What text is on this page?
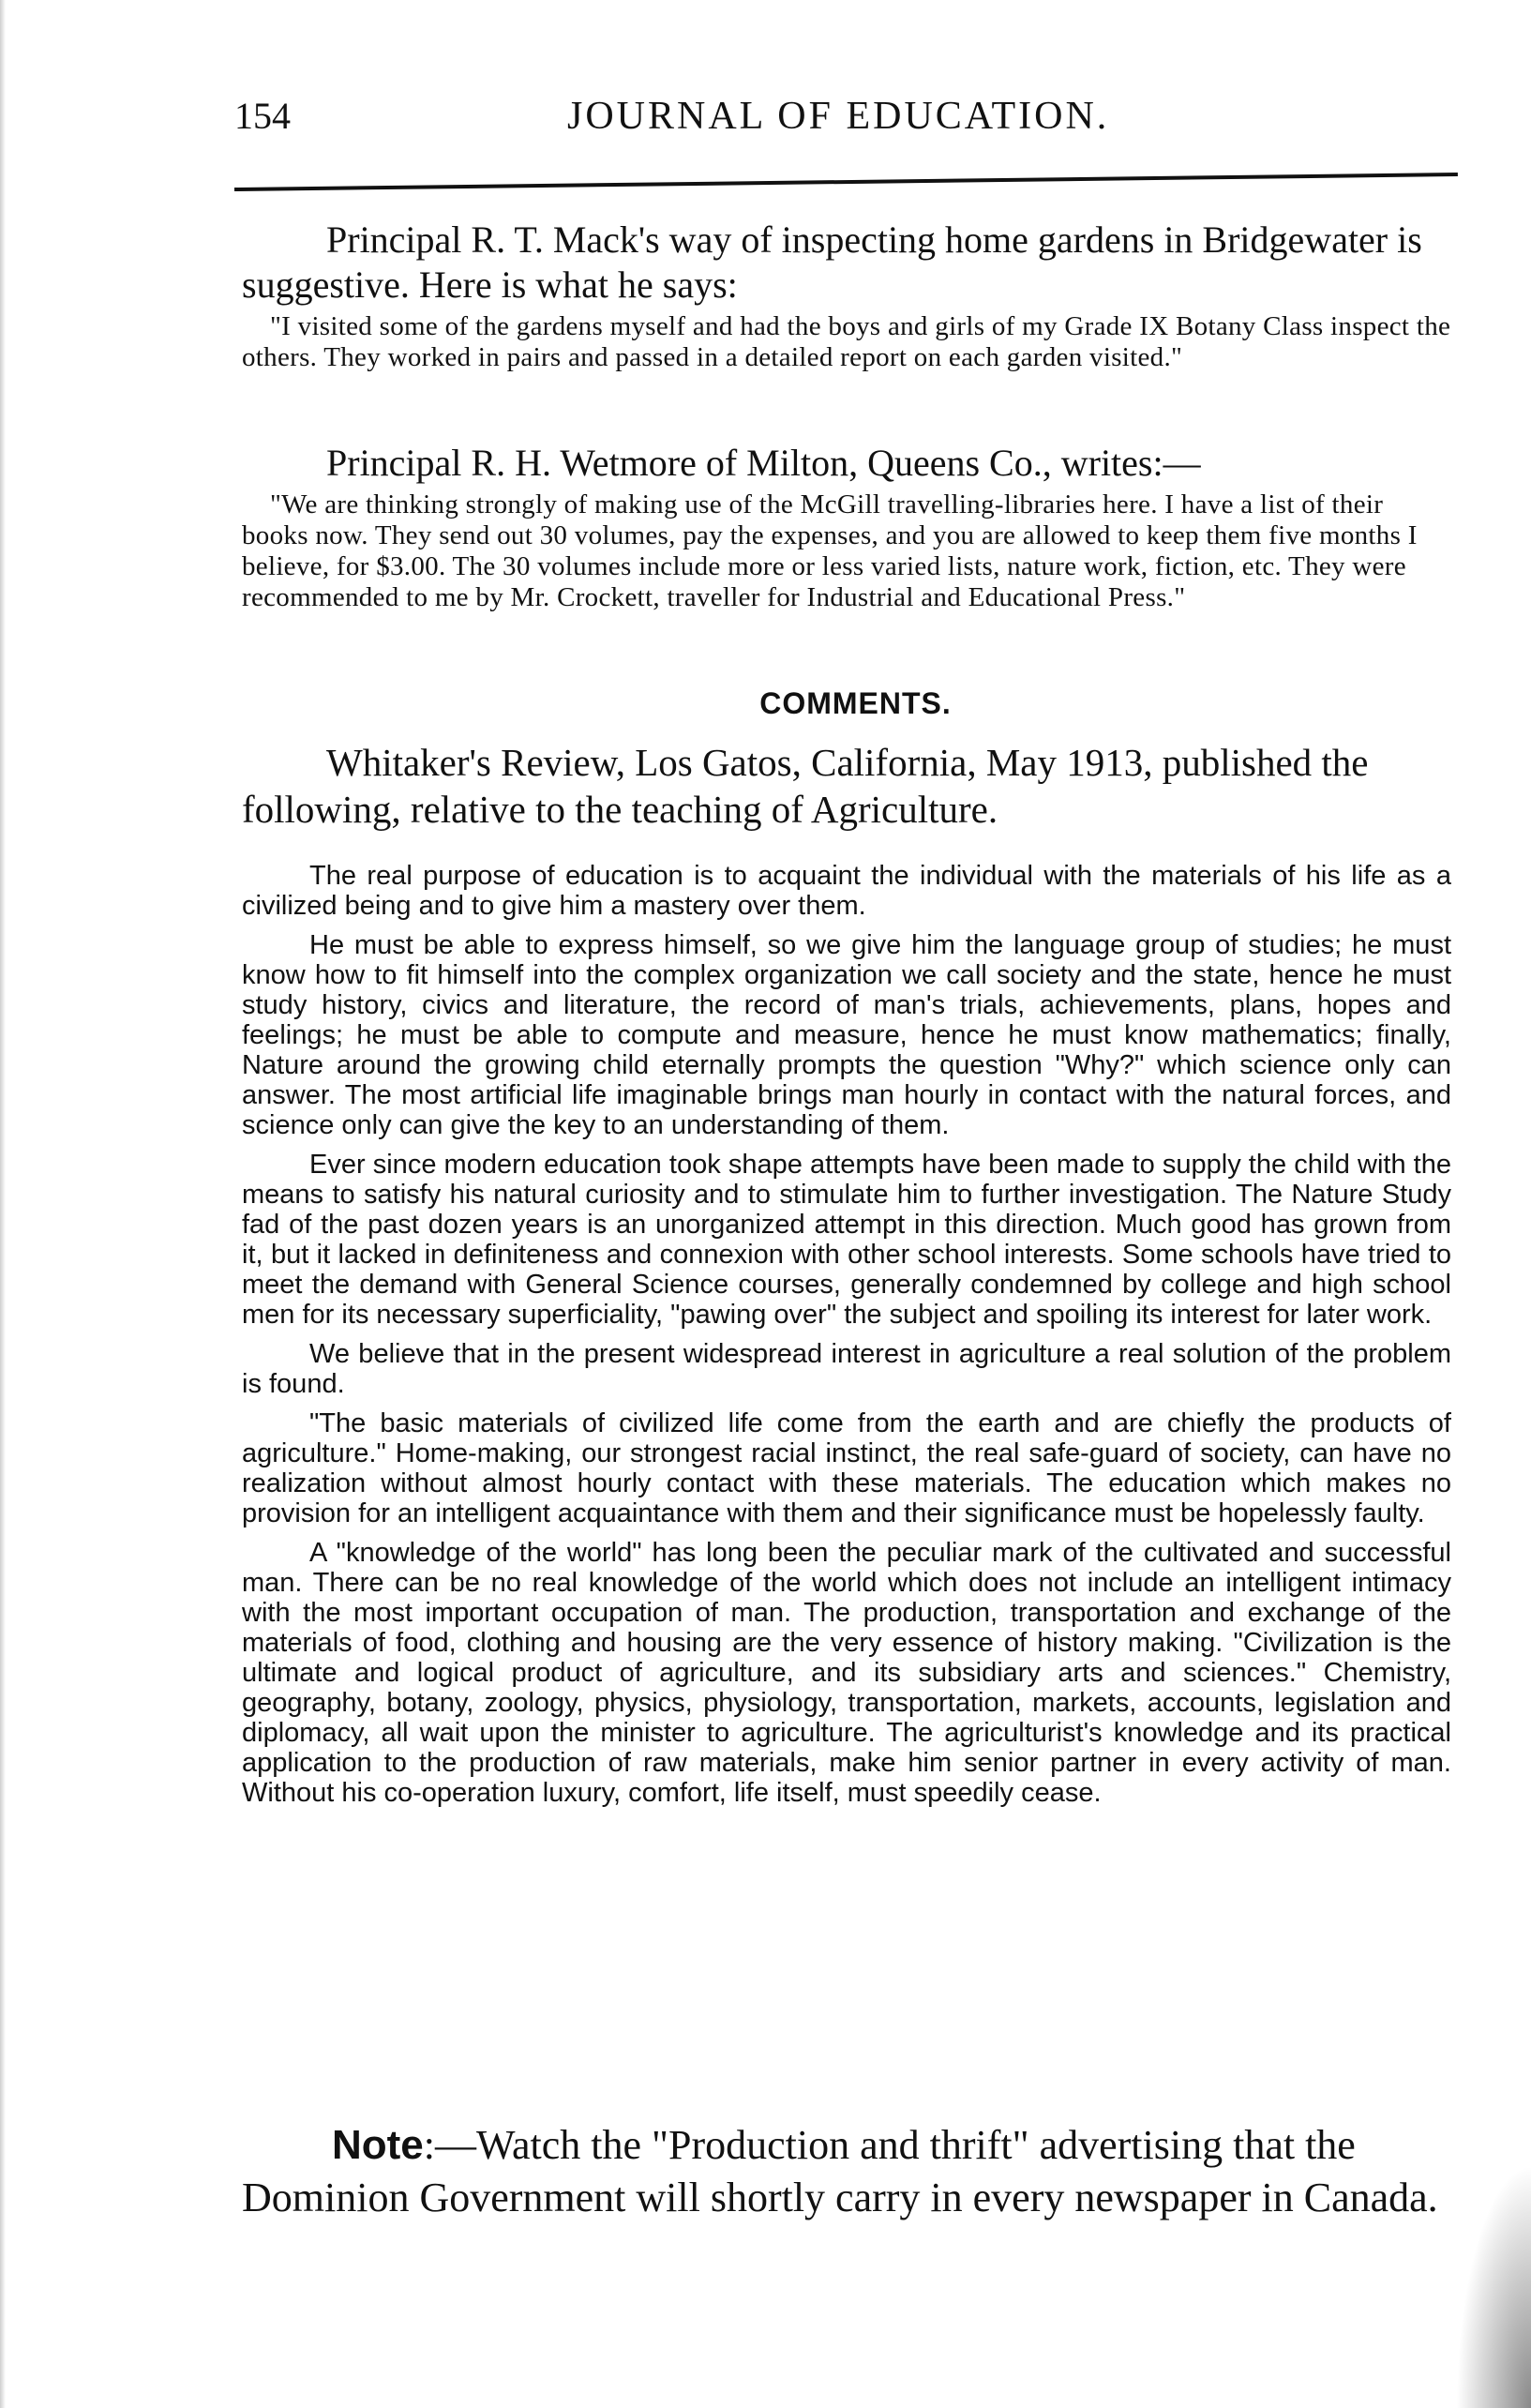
154	JOURNAL OF EDUCATION.

Principal R. T. Mack's way of inspecting home gardens in Bridgewater is suggestive. Here is what he says:

"I visited some of the gardens myself and had the boys and girls of my Grade IX Botany Class inspect the others. They worked in pairs and passed in a detailed report on each garden visited."

Principal R. H. Wetmore of Milton, Queens Co., writes:—

"We are thinking strongly of making use of the McGill travelling-libraries here. I have a list of their books now. They send out 30 volumes, pay the expenses, and you are allowed to keep them five months I believe, for $3.00. The 30 volumes include more or less varied lists, nature work, fiction, etc. They were recommended to me by Mr. Crockett, traveller for Industrial and Educational Press."

COMMENTS.

Whitaker's Review, Los Gatos, California, May 1913, published the following, relative to the teaching of Agriculture.

The real purpose of education is to acquaint the individual with the materials of his life as a civilized being and to give him a mastery over them.

He must be able to express himself, so we give him the language group of studies; he must know how to fit himself into the complex organization we call society and the state, hence he must study history, civics and literature, the record of man's trials, achievements, plans, hopes and feelings; he must be able to compute and measure, hence he must know mathematics; finally, Nature around the growing child eternally prompts the question "Why?" which science only can answer. The most artificial life imaginable brings man hourly in contact with the natural forces, and science only can give the key to an understanding of them.

Ever since modern education took shape attempts have been made to supply the child with the means to satisfy his natural curiosity and to stimulate him to further investigation. The Nature Study fad of the past dozen years is an unorganized attempt in this direction. Much good has grown from it, but it lacked in definiteness and connexion with other school interests. Some schools have tried to meet the demand with General Science courses, generally condemned by college and high school men for its necessary superficiality, "pawing over" the subject and spoiling its interest for later work.

We believe that in the present widespread interest in agriculture a real solution of the problem is found.

"The basic materials of civilized life come from the earth and are chiefly the products of agriculture." Home-making, our strongest racial instinct, the real safe-guard of society, can have no realization without almost hourly contact with these materials. The education which makes no provision for an intelligent acquaintance with them and their significance must be hopelessly faulty.

A "knowledge of the world" has long been the peculiar mark of the cultivated and successful man. There can be no real knowledge of the world which does not include an intelligent intimacy with the most important occupation of man. The production, transportation and exchange of the materials of food, clothing and housing are the very essence of history making. "Civilization is the ultimate and logical product of agriculture, and its subsidiary arts and sciences." Chemistry, geography, botany, zoology, physics, physiology, transportation, markets, accounts, legislation and diplomacy, all wait upon the minister to agriculture. The agriculturist's knowledge and its practical application to the production of raw materials, make him senior partner in every activity of man. Without his co-operation luxury, comfort, life itself, must speedily cease.

Note:—Watch the "Production and thrift" advertising that the Dominion Government will shortly carry in every newspaper in Canada.
